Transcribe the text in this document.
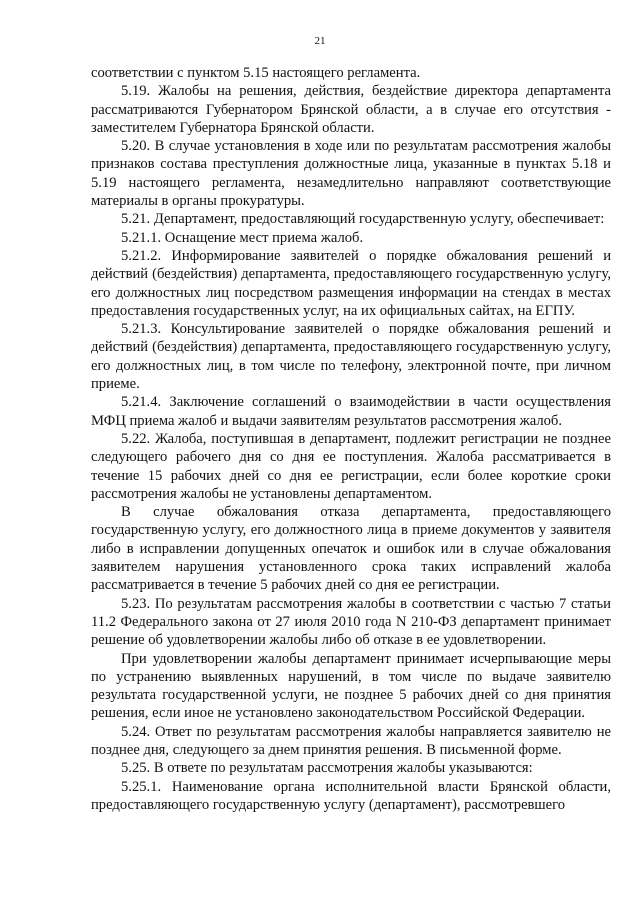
21

соответствии с пунктом 5.15 настоящего регламента.

5.19. Жалобы на решения, действия, бездействие директора департамента рассматриваются Губернатором Брянской области, а в случае его отсутствия - заместителем Губернатора Брянской области.

5.20. В случае установления в ходе или по результатам рассмотрения жалобы признаков состава преступления должностные лица, указанные в пунктах 5.18 и 5.19 настоящего регламента, незамедлительно направляют соответствующие материалы в органы прокуратуры.

5.21. Департамент, предоставляющий государственную услугу, обеспечивает:

5.21.1. Оснащение мест приема жалоб.

5.21.2. Информирование заявителей о порядке обжалования решений и действий (бездействия) департамента, предоставляющего государственную услугу, его должностных лиц посредством размещения информации на стендах в местах предоставления государственных услуг, на их официальных сайтах, на ЕГПУ.

5.21.3. Консультирование заявителей о порядке обжалования решений и действий (бездействия) департамента, предоставляющего государственную услугу, его должностных лиц, в том числе по телефону, электронной почте, при личном приеме.

5.21.4. Заключение соглашений о взаимодействии в части осуществления МФЦ приема жалоб и выдачи заявителям результатов рассмотрения жалоб.

5.22. Жалоба, поступившая в департамент, подлежит регистрации не позднее следующего рабочего дня со дня ее поступления. Жалоба рассматривается в течение 15 рабочих дней со дня ее регистрации, если более короткие сроки рассмотрения жалобы не установлены департаментом.

В случае обжалования отказа департамента, предоставляющего государственную услугу, его должностного лица в приеме документов у заявителя либо в исправлении допущенных опечаток и ошибок или в случае обжалования заявителем нарушения установленного срока таких исправлений жалоба рассматривается в течение 5 рабочих дней со дня ее регистрации.

5.23. По результатам рассмотрения жалобы в соответствии с частью 7 статьи 11.2 Федерального закона от 27 июля 2010 года N 210-ФЗ департамент принимает решение об удовлетворении жалобы либо об отказе в ее удовлетворении.

При удовлетворении жалобы департамент принимает исчерпывающие меры по устранению выявленных нарушений, в том числе по выдаче заявителю результата государственной услуги, не позднее 5 рабочих дней со дня принятия решения, если иное не установлено законодательством Российской Федерации.

5.24. Ответ по результатам рассмотрения жалобы направляется заявителю не позднее дня, следующего за днем принятия решения. В письменной форме.

5.25. В ответе по результатам рассмотрения жалобы указываются:

5.25.1. Наименование органа исполнительной власти Брянской области, предоставляющего государственную услугу (департамент), рассмотревшего
